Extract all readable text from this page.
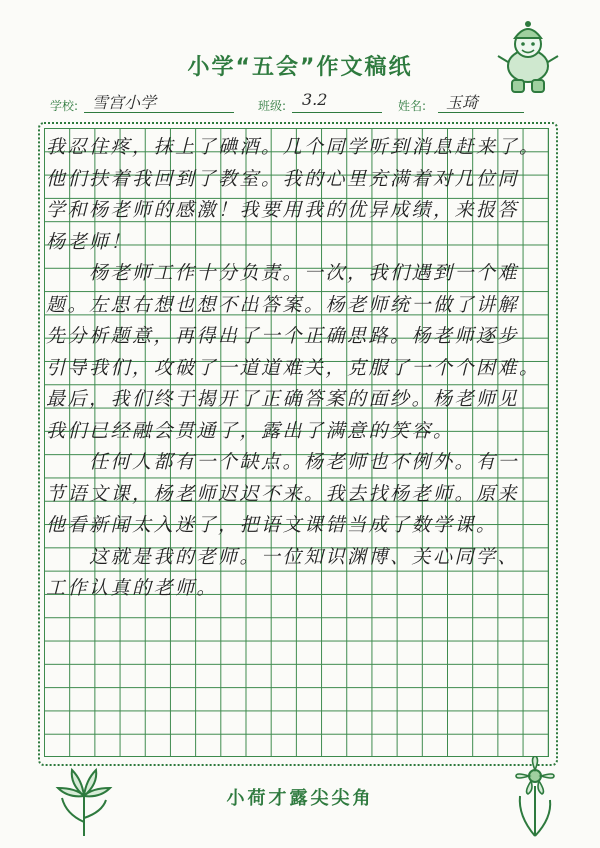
小学“五会”作文稿纸
学校: 雪宫小学	班级: 3.2	姓名: 玉琦
我忍住疼，抹上了碘酒。几个同学听到消息赶来了。
他们扶着我回到了教室。我的心里充满着对几位同
学和杨老师的感激！我要用我的优异成绩，来报答
杨老师！
　　杨老师工作十分负责。一次，我们遇到一个难
题。左思右想也想不出答案。杨老师统一做了讲解
先分析题意，再得出了一个正确思路。杨老师逐步
引导我们，攻破了一道道难关，克服了一个个困难。
最后，我们终于揭开了正确答案的面纱。杨老师见
我们已经融会贯通了，露出了满意的笑容。
　　任何人都有一个缺点。杨老师也不例外。有一
节语文课，杨老师迟迟不来。我去找杨老师。原来
他看新闻太入迷了，把语文课错当成了数学课。
　　这就是我的老师。一位知识渊博、关心同学、
工作认真的老师。
小荷才露尖尖角
